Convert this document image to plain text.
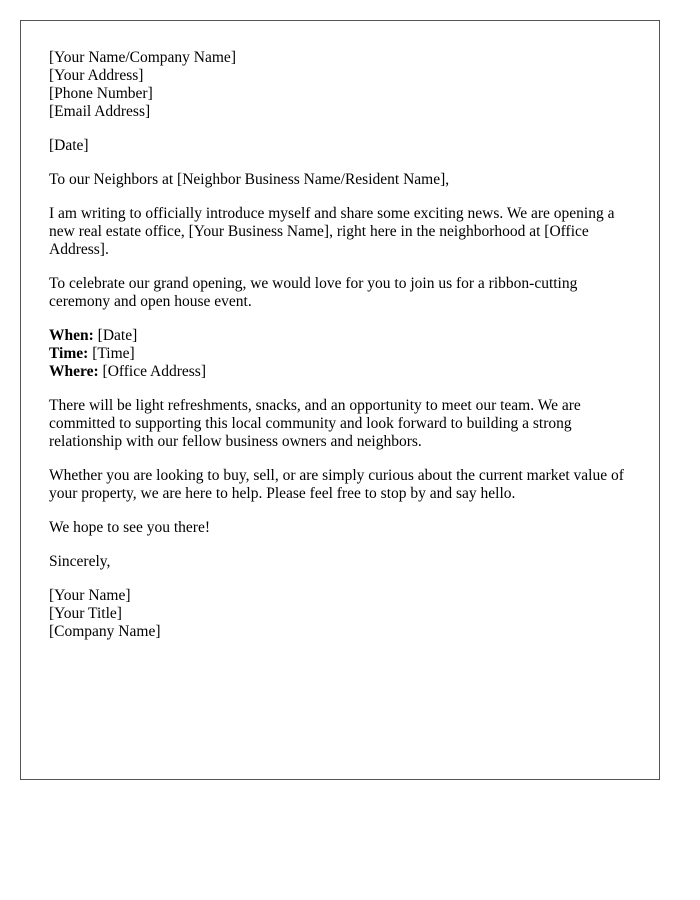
[Your Name/Company Name]
[Your Address]
[Phone Number]
[Email Address]

[Date]

To our Neighbors at [Neighbor Business Name/Resident Name],

I am writing to officially introduce myself and share some exciting news. We are opening a new real estate office, [Your Business Name], right here in the neighborhood at [Office Address].

To celebrate our grand opening, we would love for you to join us for a ribbon-cutting ceremony and open house event.

When: [Date]
Time: [Time]
Where: [Office Address]

There will be light refreshments, snacks, and an opportunity to meet our team. We are committed to supporting this local community and look forward to building a strong relationship with our fellow business owners and neighbors.

Whether you are looking to buy, sell, or are simply curious about the current market value of your property, we are here to help. Please feel free to stop by and say hello.

We hope to see you there!

Sincerely,

[Your Name]
[Your Title]
[Company Name]
